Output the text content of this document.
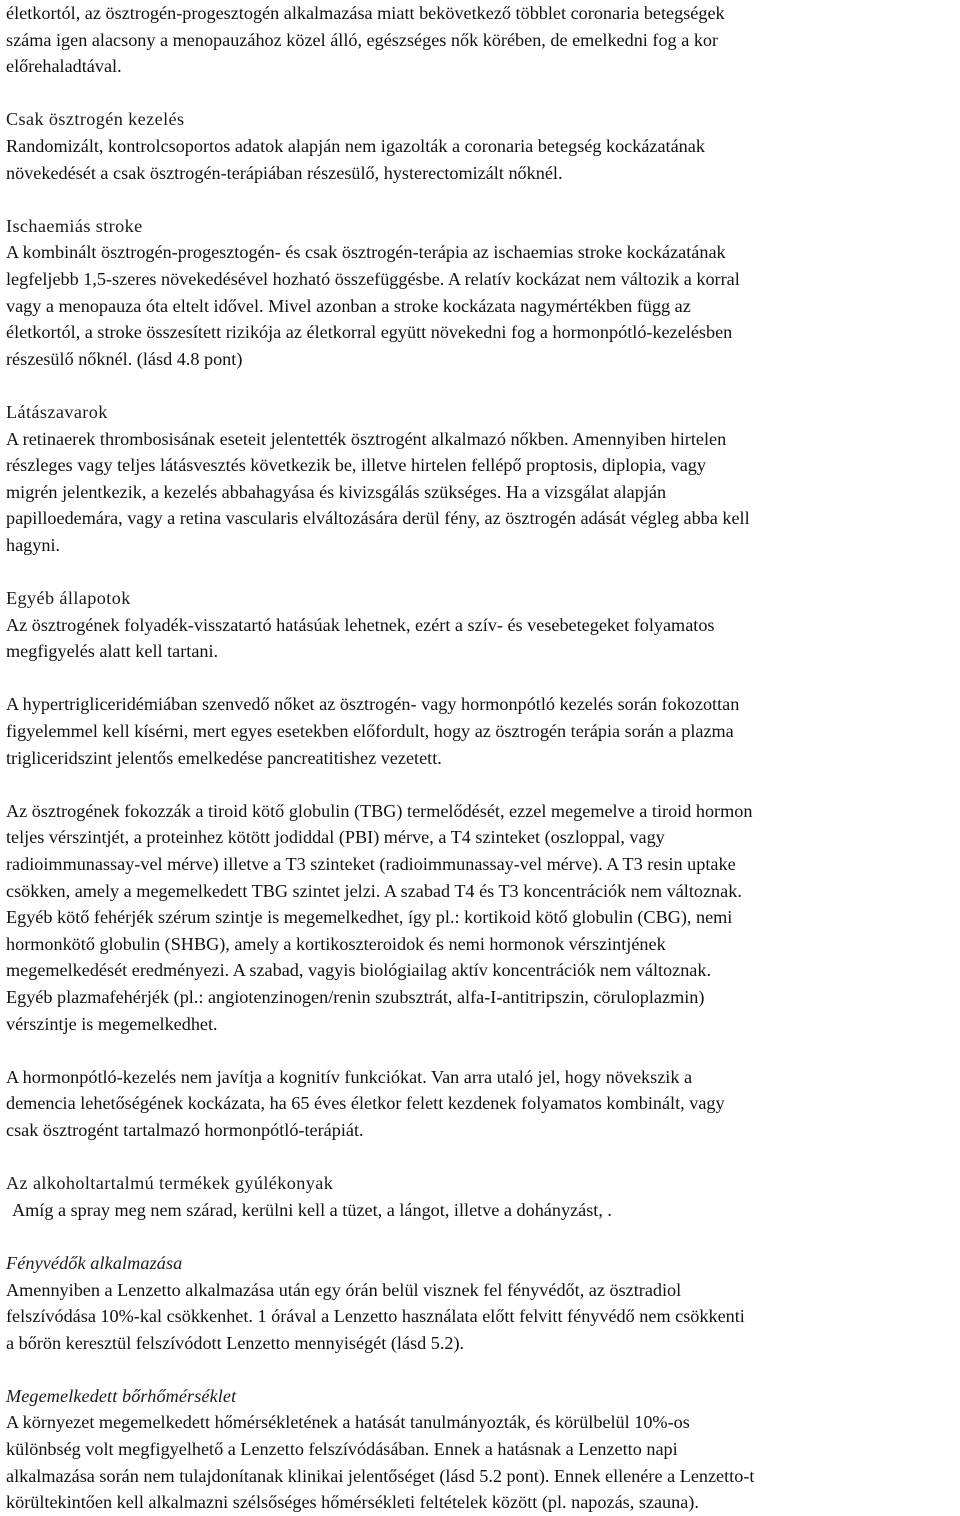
életkortól, az ösztrogén-progesztogén alkalmazása miatt bekövetkező többlet coronaria betegségek
száma igen alacsony a menopauzához közel álló, egészséges nők körében, de emelkedni fog a kor
előrehaladtával.
Csak ösztrogén kezelés
Randomizált, kontrolcsoportos adatok alapján nem igazolták a coronaria betegség kockázatának
növekedését a csak ösztrogén-terápiában részesülő, hysterectomizált nőknél.
Ischaemiás stroke
A kombinált ösztrogén-progesztogén- és csak ösztrogén-terápia az ischaemias stroke kockázatának
legfeljebb 1,5-szeres növekedésével hozható összefüggésbe. A relatív kockázat nem változik a korral
vagy a menopauza óta eltelt idővel. Mivel azonban a stroke kockázata nagymértékben függ az
életkortól, a stroke összesített rizikója az életkorral együtt növekedni fog a hormonpótló-kezelésben
részesülő nőknél. (lásd 4.8 pont)
Látászavarok
A retinaerek thrombosisának eseteit jelentették ösztrogént alkalmazó nőkben. Amennyiben hirtelen
részleges vagy teljes látásvesztés következik be, illetve hirtelen fellépő proptosis, diplopia, vagy
migrén jelentkezik, a kezelés abbahagyása és kivizsgálás szükséges. Ha a vizsgálat alapján
papilloedemára, vagy a retina vascularis elváltozására derül fény, az ösztrogén adását végleg abba kell
hagyni.
Egyéb állapotok
Az ösztrogének folyadék-visszatartó hatásúak lehetnek, ezért a szív- és vesebetegeket folyamatos
megfigyelés alatt kell tartani.
A hypertrigliceridémiában szenvedő nőket az ösztrogén- vagy hormonpótló kezelés során fokozottan
figyelemmel kell kísérni, mert egyes esetekben előfordult, hogy az ösztrogén terápia során a plazma
trigliceridszint jelentős emelkedése pancreatitishez vezetett.
Az ösztrogének fokozzák a tiroid kötő globulin (TBG) termelődését, ezzel megemelve a tiroid hormon
teljes vérszintjét, a proteinhez kötött jodiddal (PBI) mérve, a T4 szinteket (oszloppal, vagy
radioimmunassay-vel mérve) illetve a T3 szinteket (radioimmunassay-vel mérve). A T3 resin uptake
csökken, amely a megemelkedett TBG szintet jelzi. A szabad T4 és T3 koncentrációk nem változnak.
Egyéb kötő fehérjék szérum szintje is megemelkedhet, így pl.: kortikoid kötő globulin (CBG), nemi
hormonkötő globulin (SHBG), amely a kortikoszteroidok és nemi hormonok vérszintjének
megemelkedését eredményezi. A szabad, vagyis biológiailag aktív koncentrációk nem változnak.
Egyéb plazmafehérjék (pl.: angiotenzinogen/renin szubsztrát, alfa-I-antitripszin, cöruloplazmin)
vérszintje is megemelkedhet.
A hormonpótló-kezelés nem javítja a kognitív funkciókat. Van arra utaló jel, hogy növekszik a
demencia lehetőségének kockázata, ha 65 éves életkor felett kezdenek folyamatos kombinált, vagy
csak ösztrogént tartalmazó hormonpótló-terápiát.
Az alkoholtartalmú termékek gyúlékonyak
Amíg a spray meg nem szárad, kerülni kell a tüzet, a lángot, illetve a dohányzást, .
Fényvédők alkalmazása
Amennyiben a Lenzetto alkalmazása után egy órán belül visznek fel fényvédőt, az ösztradiol
felszívódása 10%-kal csökkenhet. 1 órával a Lenzetto használata előtt felvitt fényvédő nem csökkenti
a bőrön keresztül felszívódott Lenzetto mennyiségét (lásd 5.2).
Megemelkedett bőrhőmérséklet
A környezet megemelkedett hőmérsékletének a hatását tanulmányozták, és körülbelül 10%-os
különbség volt megfigyelhető a Lenzetto felszívódásában. Ennek a hatásnak a Lenzetto napi
alkalmazása során nem tulajdonítanak klinikai jelentőséget (lásd 5.2 pont). Ennek ellenére a Lenzetto-t
körültekintően kell alkalmazni szélsőséges hőmérsékleti feltételek között (pl. napozás, szauna).
